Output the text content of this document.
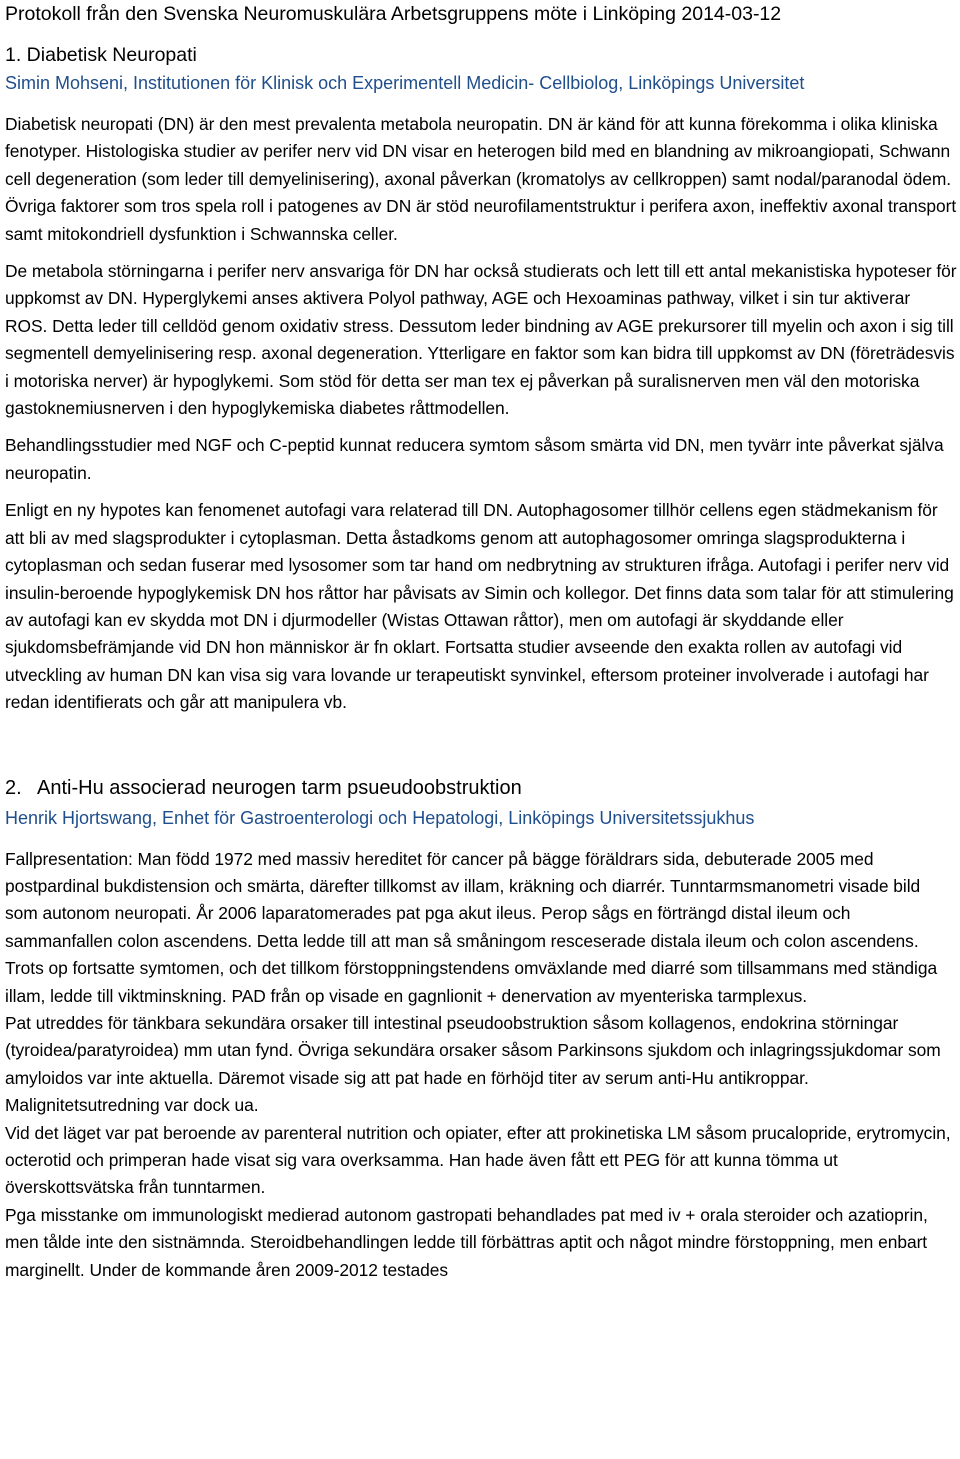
Protokoll från den Svenska Neuromuskulära Arbetsgruppens möte i Linköping 2014-03-12
1. Diabetisk Neuropati
Simin Mohseni, Institutionen för Klinisk och Experimentell Medicin- Cellbiolog, Linköpings Universitet

Diabetisk neuropati (DN) är den mest prevalenta metabola neuropatin. DN är känd för att kunna förekomma i olika kliniska fenotyper. Histologiska studier av perifer nerv vid DN visar en heterogen bild med en blandning av mikroangiopati, Schwann cell degeneration (som leder till demyelinisering), axonal påverkan (kromatolys av cellkroppen) samt nodal/paranodal ödem. Övriga faktorer som tros spela roll i patogenes av DN är stöd neurofilamentstruktur i perifera axon, ineffektiv axonal transport samt mitokondriell dysfunktion i Schwannska celler.

De metabola störningarna i perifer nerv ansvariga för DN har också studierats och lett till ett antal mekanistiska hypoteser för uppkomst av DN. Hyperglykemi anses aktivera Polyol pathway, AGE och Hexoaminas pathway, vilket i sin tur aktiverar ROS. Detta leder till celldöd genom oxidativ stress. Dessutom leder bindning av AGE prekursorer till myelin och axon i sig till segmentell demyelinisering resp. axonal degeneration. Ytterligare en faktor som kan bidra till uppkomst av DN (företrädesvis i motoriska nerver) är hypoglykemi. Som stöd för detta ser man tex ej påverkan på suralisnerven men väl den motoriska gastoknemiusnerven i den hypoglykemiska diabetes råttmodellen.

Behandlingsstudier med NGF och C-peptid kunnat reducera symtom såsom smärta vid DN, men tyvärr inte påverkat själva neuropatin.

Enligt en ny hypotes kan fenomenet autofagi vara relaterad till DN. Autophagosomer tillhör cellens egen städmekanism för att bli av med slagsprodukter i cytoplasman. Detta åstadkoms genom att autophagosomer omringa slagsprodukterna i cytoplasman och sedan fuserar med lysosomer som tar hand om nedbrytning av strukturen ifråga. Autofagi i perifer nerv vid insulin-beroende hypoglykemisk DN hos råttor har påvisats av Simin och kollegor. Det finns data som talar för att stimulering av autofagi kan ev skydda mot DN i djurmodeller (Wistas Ottawan råttor), men om autofagi är skyddande eller sjukdomsbefrämjande vid DN hon människor är fn oklart. Fortsatta studier avseende den exakta rollen av autofagi vid utveckling av human DN kan visa sig vara lovande ur terapeutiskt synvinkel, eftersom proteiner involverade i autofagi har redan identifierats och går att manipulera vb.

2. Anti-Hu associerad neurogen tarm psueudoobstruktion
Henrik Hjortswang, Enhet för Gastroenterologi och Hepatologi, Linköpings Universitetssjukhus

Fallpresentation: Man född 1972 med massiv hereditet för cancer på bägge föräldrars sida, debuterade 2005 med postpardinal bukdistension och smärta, därefter tillkomst av illam, kräkning och diarrér. Tunntarmsmanometri visade bild som autonom neuropati. År 2006 laparatomerades pat pga akut ileus. Perop sågs en förträngd distal ileum och sammanfallen colon ascendens. Detta ledde till att man så småningom resceserade distala ileum och colon ascendens. Trots op fortsatte symtomen, och det tillkom förstoppningstendens omväxlande med diarré som tillsammans med ständiga illam, ledde till viktminskning. PAD från op visade en gagnlionit + denervation av myenteriska tarmplexus.

Pat utreddes för tänkbara sekundära orsaker till intestinal pseudoobstruktion såsom kollagenos, endokrina störningar (tyroidea/paratyroidea) mm utan fynd. Övriga sekundära orsaker såsom Parkinsons sjukdom och inlagringssjukdomar som amyloidos var inte aktuella. Däremot visade sig att pat hade en förhöjd titer av serum anti-Hu antikroppar. Malignitetsutredning var dock ua.

Vid det läget var pat beroende av parenteral nutrition och opiater, efter att prokinetiska LM såsom prucalopride, erytromycin, octerotid och primperan hade visat sig vara overksamma. Han hade även fått ett PEG för att kunna tömma ut överskottsvätska från tunntarmen.

Pga misstanke om immunologiskt medierad autonom gastropati behandlades pat med iv + orala steroider och azatioprin, men tålde inte den sistnämnda. Steroidbehandlingen ledde till förbättras aptit och något mindre förstoppning, men enbart marginellt. Under de kommande åren 2009-2012 testades
